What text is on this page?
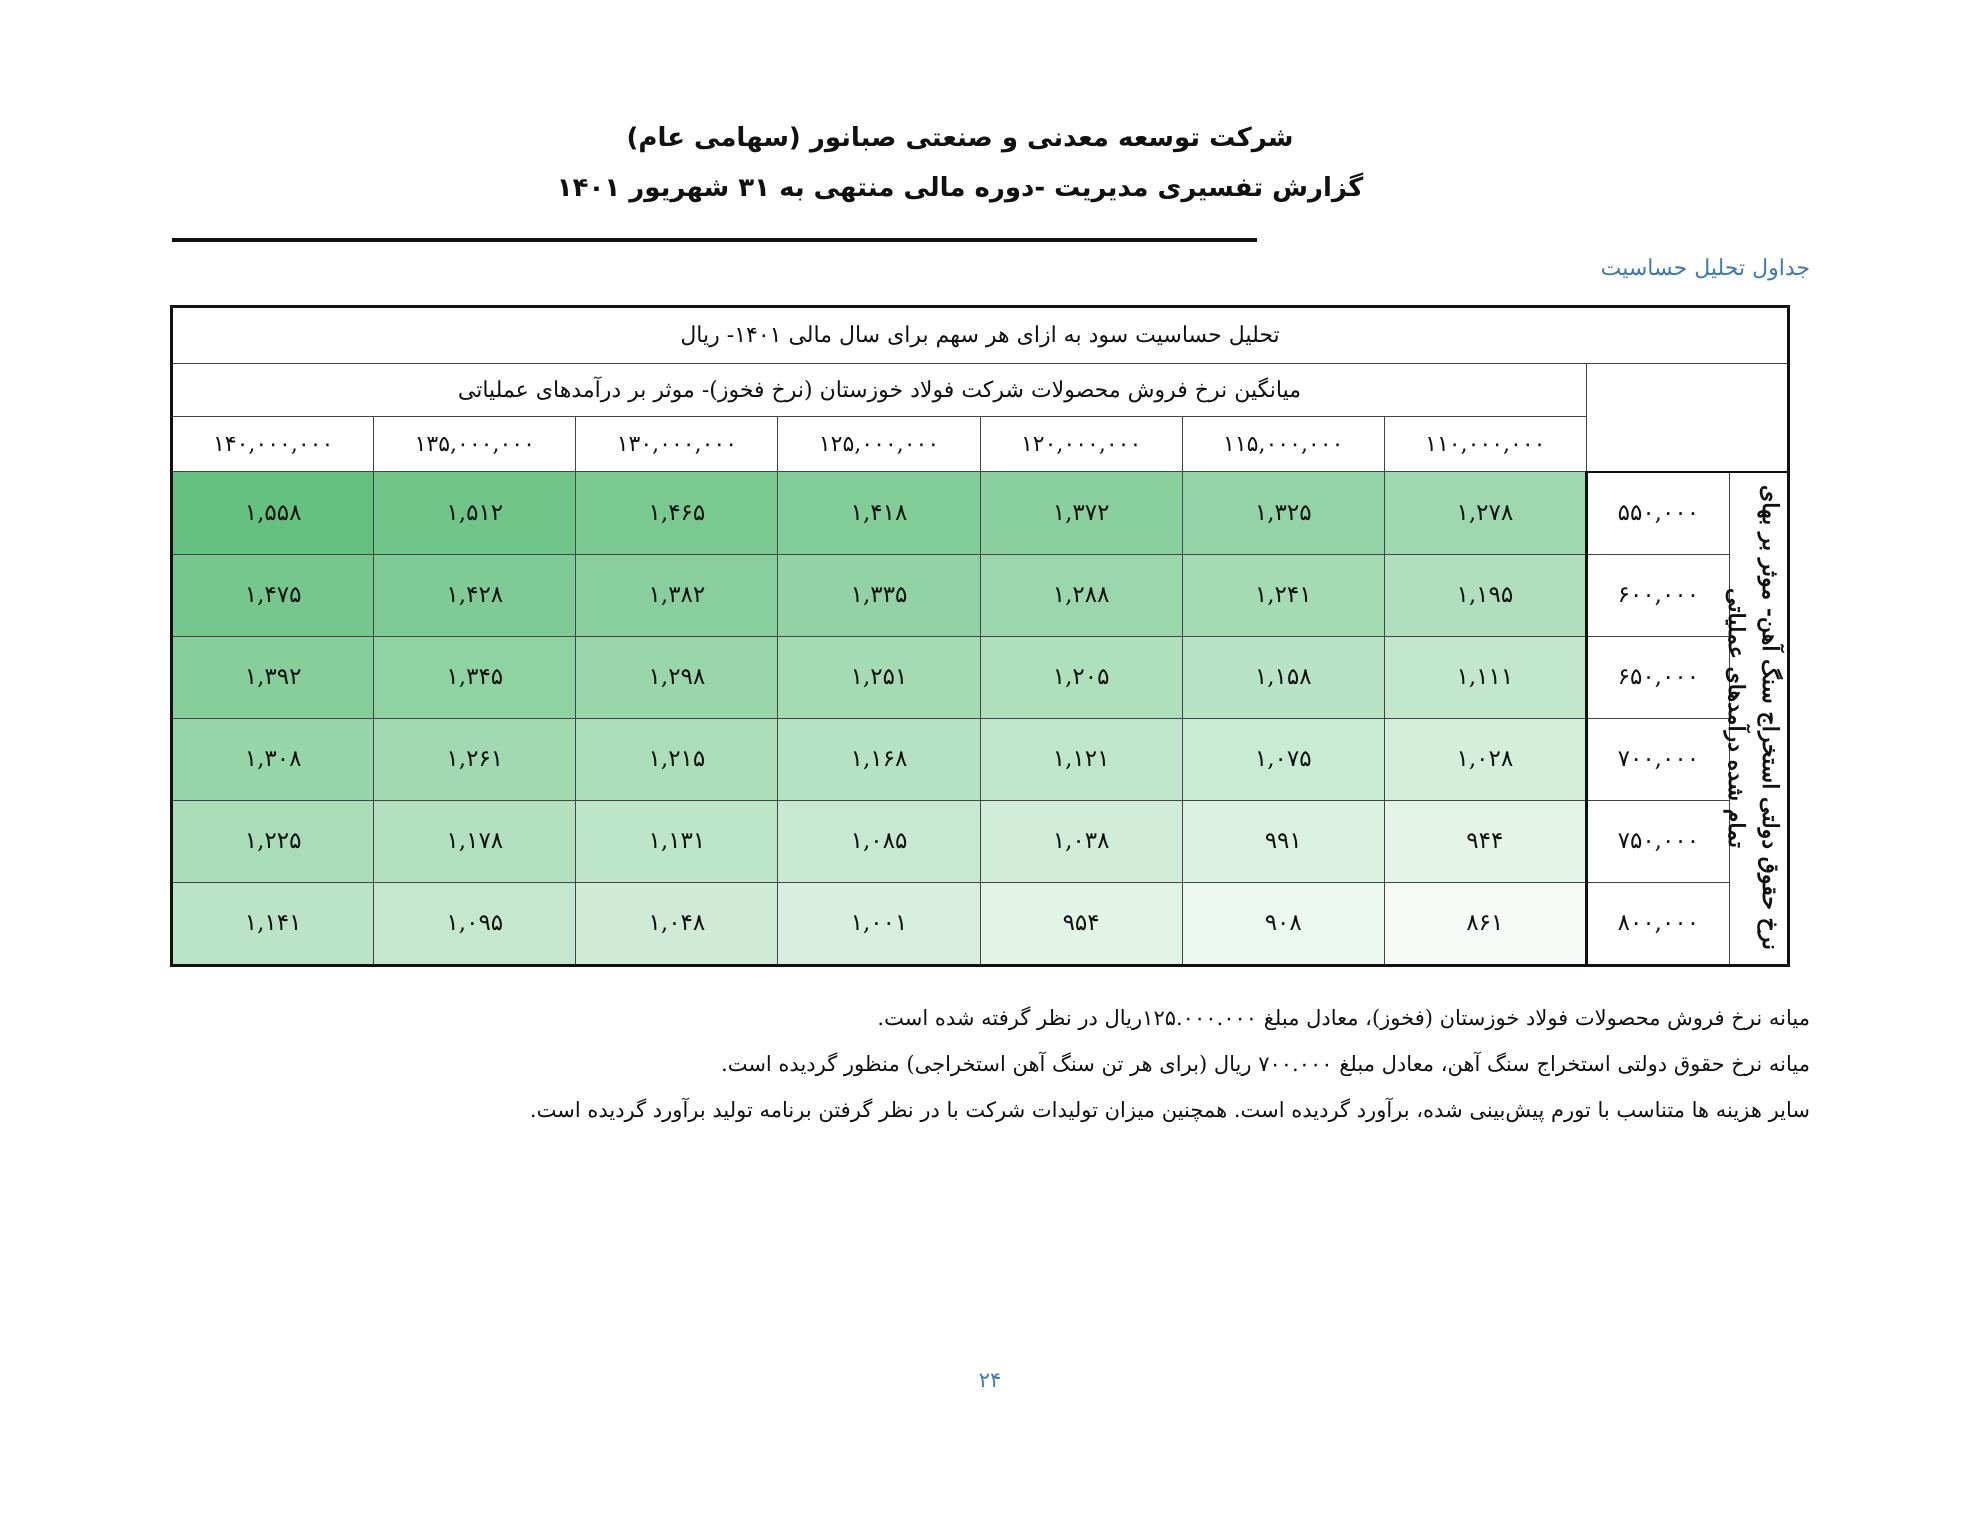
شرکت توسعه معدنی و صنعتی صبانور (سهامی عام)

گزارش تفسیری مدیریت -دوره مالی منتهی به ۳۱ شهریور ۱۴۰۱

جداول تحلیل حساسیت
تحلیل حساسیت سود به ازای هر سهم برای سال مالی ۱۴۰۱- ریال								
		میانگین نرخ فروش محصولات شرکت فولاد خوزستان (نرخ فخوز)- موثر بر درآمدهای عملیاتی						
		۱۱۰,۰۰۰,۰۰۰	۱۱۵,۰۰۰,۰۰۰	۱۲۰,۰۰۰,۰۰۰	۱۲۵,۰۰۰,۰۰۰	۱۳۰,۰۰۰,۰۰۰	۱۳۵,۰۰۰,۰۰۰	۱۴۰,۰۰۰,۰۰۰

نرخ حقوق دولتی استخراج سنگ آهن- موثر بر بهای تمام شده درآمدهای عملیاتی	۵۵۰,۰۰۰	۱,۲۷۸	۱,۳۲۵	۱,۳۷۲	۱,۴۱۸	۱,۴۶۵	۱,۵۱۲	۱,۵۵۸
	۶۰۰,۰۰۰	۱,۱۹۵	۱,۲۴۱	۱,۲۸۸	۱,۳۳۵	۱,۳۸۲	۱,۴۲۸	۱,۴۷۵
	۶۵۰,۰۰۰	۱,۱۱۱	۱,۱۵۸	۱,۲۰۵	۱,۲۵۱	۱,۲۹۸	۱,۳۴۵	۱,۳۹۲
	۷۰۰,۰۰۰	۱,۰۲۸	۱,۰۷۵	۱,۱۲۱	۱,۱۶۸	۱,۲۱۵	۱,۲۶۱	۱,۳۰۸
	۷۵۰,۰۰۰	۹۴۴	۹۹۱	۱,۰۳۸	۱,۰۸۵	۱,۱۳۱	۱,۱۷۸	۱,۲۲۵
	۸۰۰,۰۰۰	۸۶۱	۹۰۸	۹۵۴	۱,۰۰۱	۱,۰۴۸	۱,۰۹۵	۱,۱۴۱

میانه نرخ فروش محصولات فولاد خوزستان (فخوز)، معادل مبلغ ۱۲۵.۰۰۰.۰۰۰ریال در نظر گرفته شده است.

میانه نرخ حقوق دولتی استخراج سنگ آهن، معادل مبلغ ۷۰۰.۰۰۰ ریال (برای هر تن سنگ آهن استخراجی) منظور گردیده است.

سایر هزینه ها متناسب با تورم پیش‌بینی شده، برآورد گردیده است. همچنین میزان تولیدات شرکت با در نظر گرفتن برنامه تولید برآورد گردیده است.

۲۴
